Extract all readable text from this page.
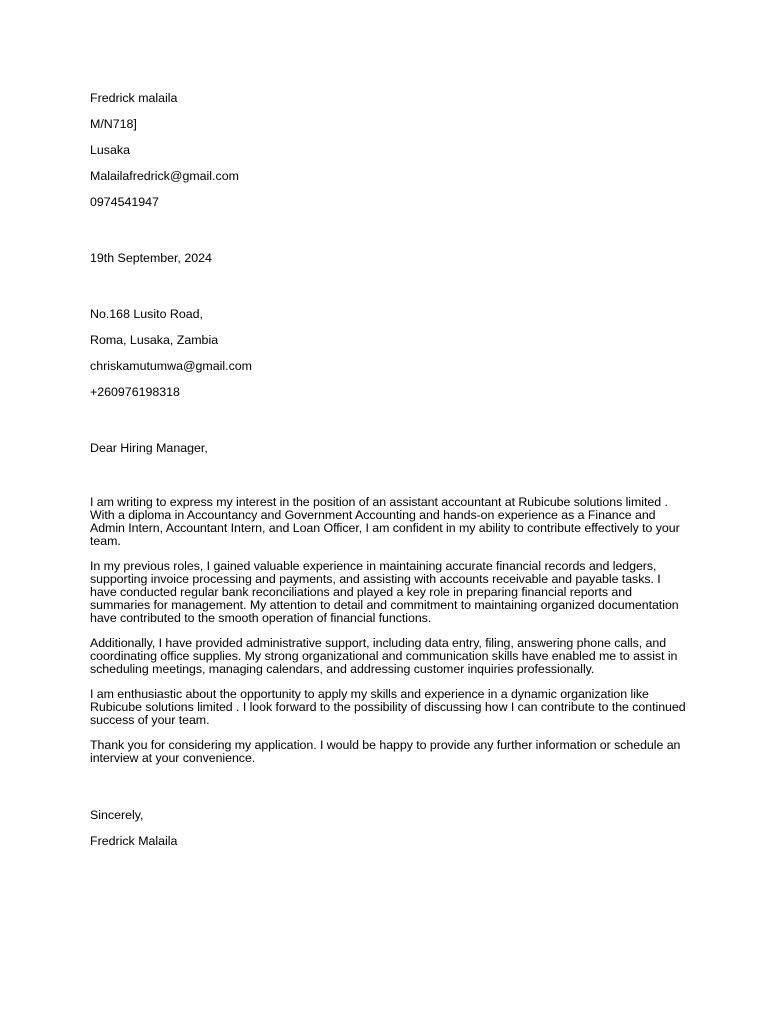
Fredrick malaila
M/N718]
Lusaka
Malailafredrick@gmail.com
0974541947
19th September, 2024
No.168 Lusito Road,
Roma, Lusaka, Zambia
chriskamutumwa@gmail.com
+260976198318
Dear Hiring Manager,

I am writing to express my interest in the position of an assistant accountant at Rubicube solutions limited . With a diploma in Accountancy and Government Accounting and hands-on experience as a Finance and Admin Intern, Accountant Intern, and Loan Officer, I am confident in my ability to contribute effectively to your team.

In my previous roles, I gained valuable experience in maintaining accurate financial records and ledgers, supporting invoice processing and payments, and assisting with accounts receivable and payable tasks. I have conducted regular bank reconciliations and played a key role in preparing financial reports and summaries for management. My attention to detail and commitment to maintaining organized documentation have contributed to the smooth operation of financial functions.

Additionally, I have provided administrative support, including data entry, filing, answering phone calls, and coordinating office supplies. My strong organizational and communication skills have enabled me to assist in scheduling meetings, managing calendars, and addressing customer inquiries professionally.

I am enthusiastic about the opportunity to apply my skills and experience in a dynamic organization like Rubicube solutions limited . I look forward to the possibility of discussing how I can contribute to the continued success of your team.

Thank you for considering my application. I would be happy to provide any further information or schedule an interview at your convenience.

Sincerely,
Fredrick Malaila
